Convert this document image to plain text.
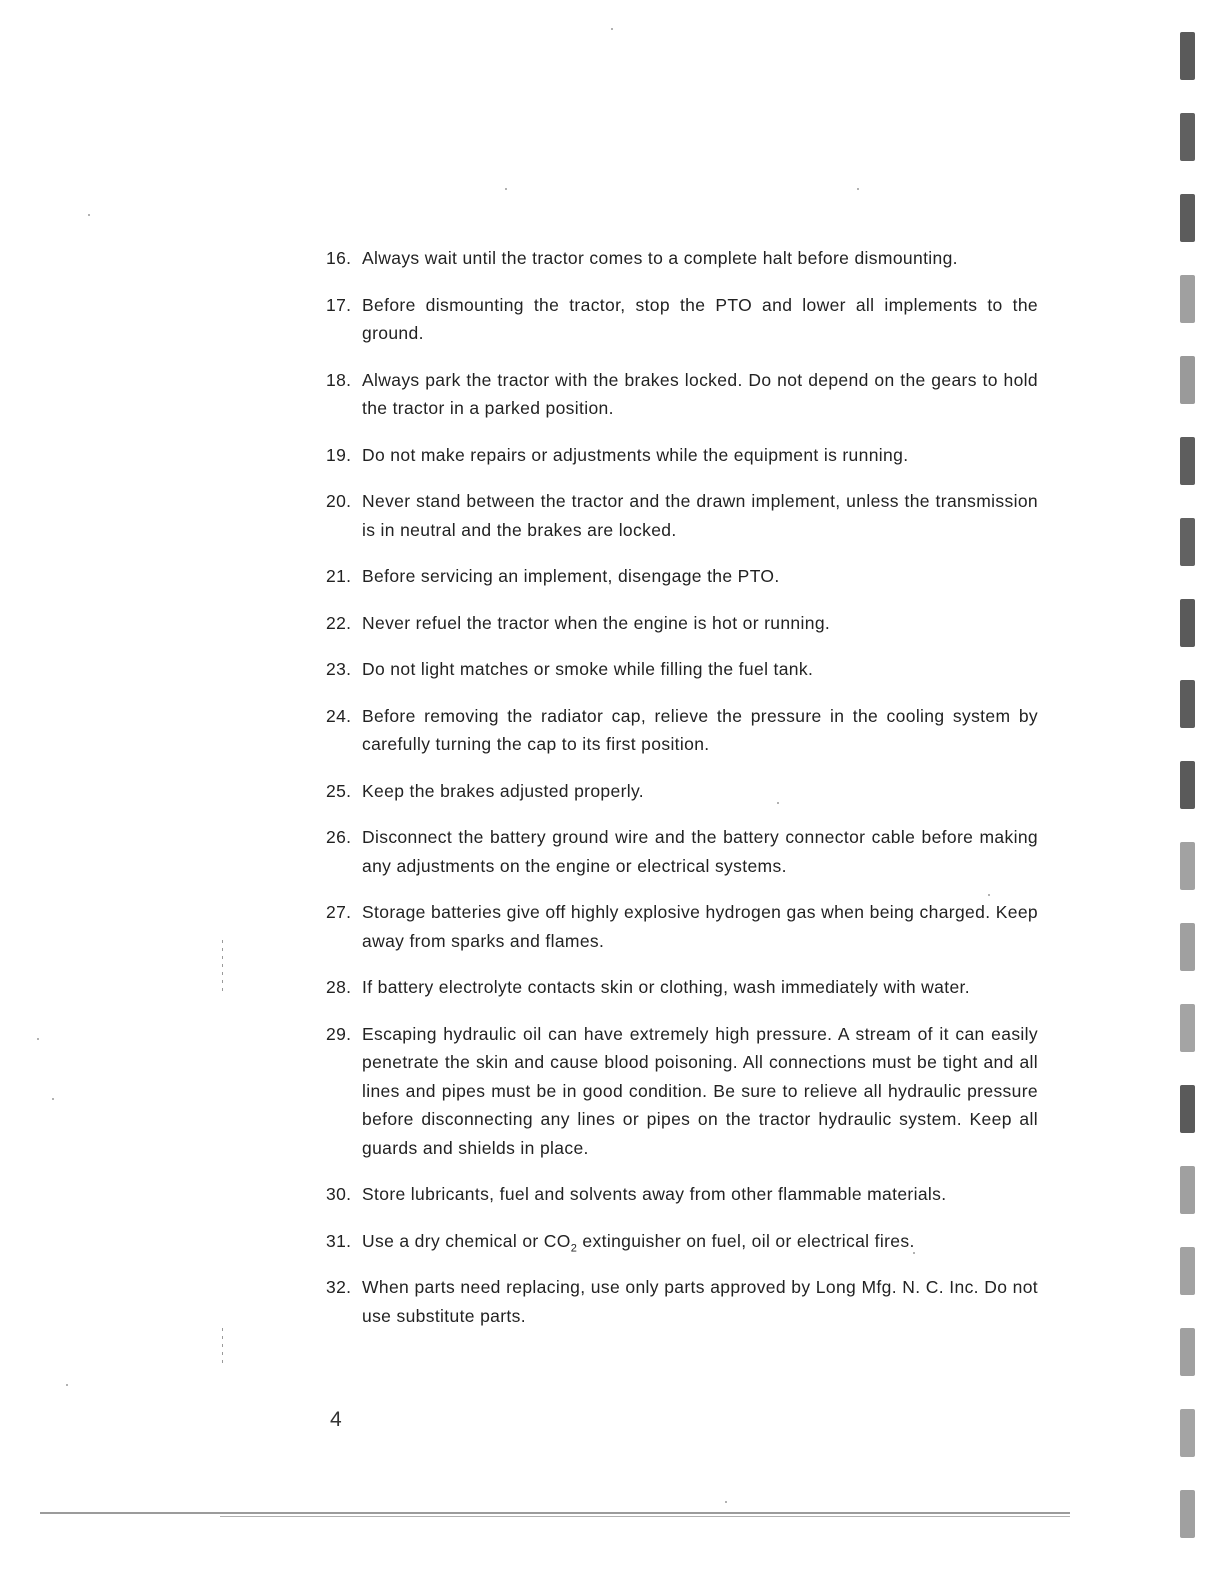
16. Always wait until the tractor comes to a complete halt before dismounting.
17. Before dismounting the tractor, stop the PTO and lower all implements to the ground.
18. Always park the tractor with the brakes locked. Do not depend on the gears to hold the tractor in a parked position.
19. Do not make repairs or adjustments while the equipment is running.
20. Never stand between the tractor and the drawn implement, unless the transmission is in neutral and the brakes are locked.
21. Before servicing an implement, disengage the PTO.
22. Never refuel the tractor when the engine is hot or running.
23. Do not light matches or smoke while filling the fuel tank.
24. Before removing the radiator cap, relieve the pressure in the cooling system by carefully turning the cap to its first position.
25. Keep the brakes adjusted properly.
26. Disconnect the battery ground wire and the battery connector cable before making any adjustments on the engine or electrical systems.
27. Storage batteries give off highly explosive hydrogen gas when being charged. Keep away from sparks and flames.
28. If battery electrolyte contacts skin or clothing, wash immediately with water.
29. Escaping hydraulic oil can have extremely high pressure. A stream of it can easily penetrate the skin and cause blood poisoning. All connections must be tight and all lines and pipes must be in good condition. Be sure to relieve all hydraulic pressure before disconnecting any lines or pipes on the tractor hydraulic system. Keep all guards and shields in place.
30. Store lubricants, fuel and solvents away from other flammable materials.
31. Use a dry chemical or $CO_2$ extinguisher on fuel, oil or electrical fires.
32. When parts need replacing, use only parts approved by Long Mfg. N. C. Inc. Do not use substitute parts.
4
